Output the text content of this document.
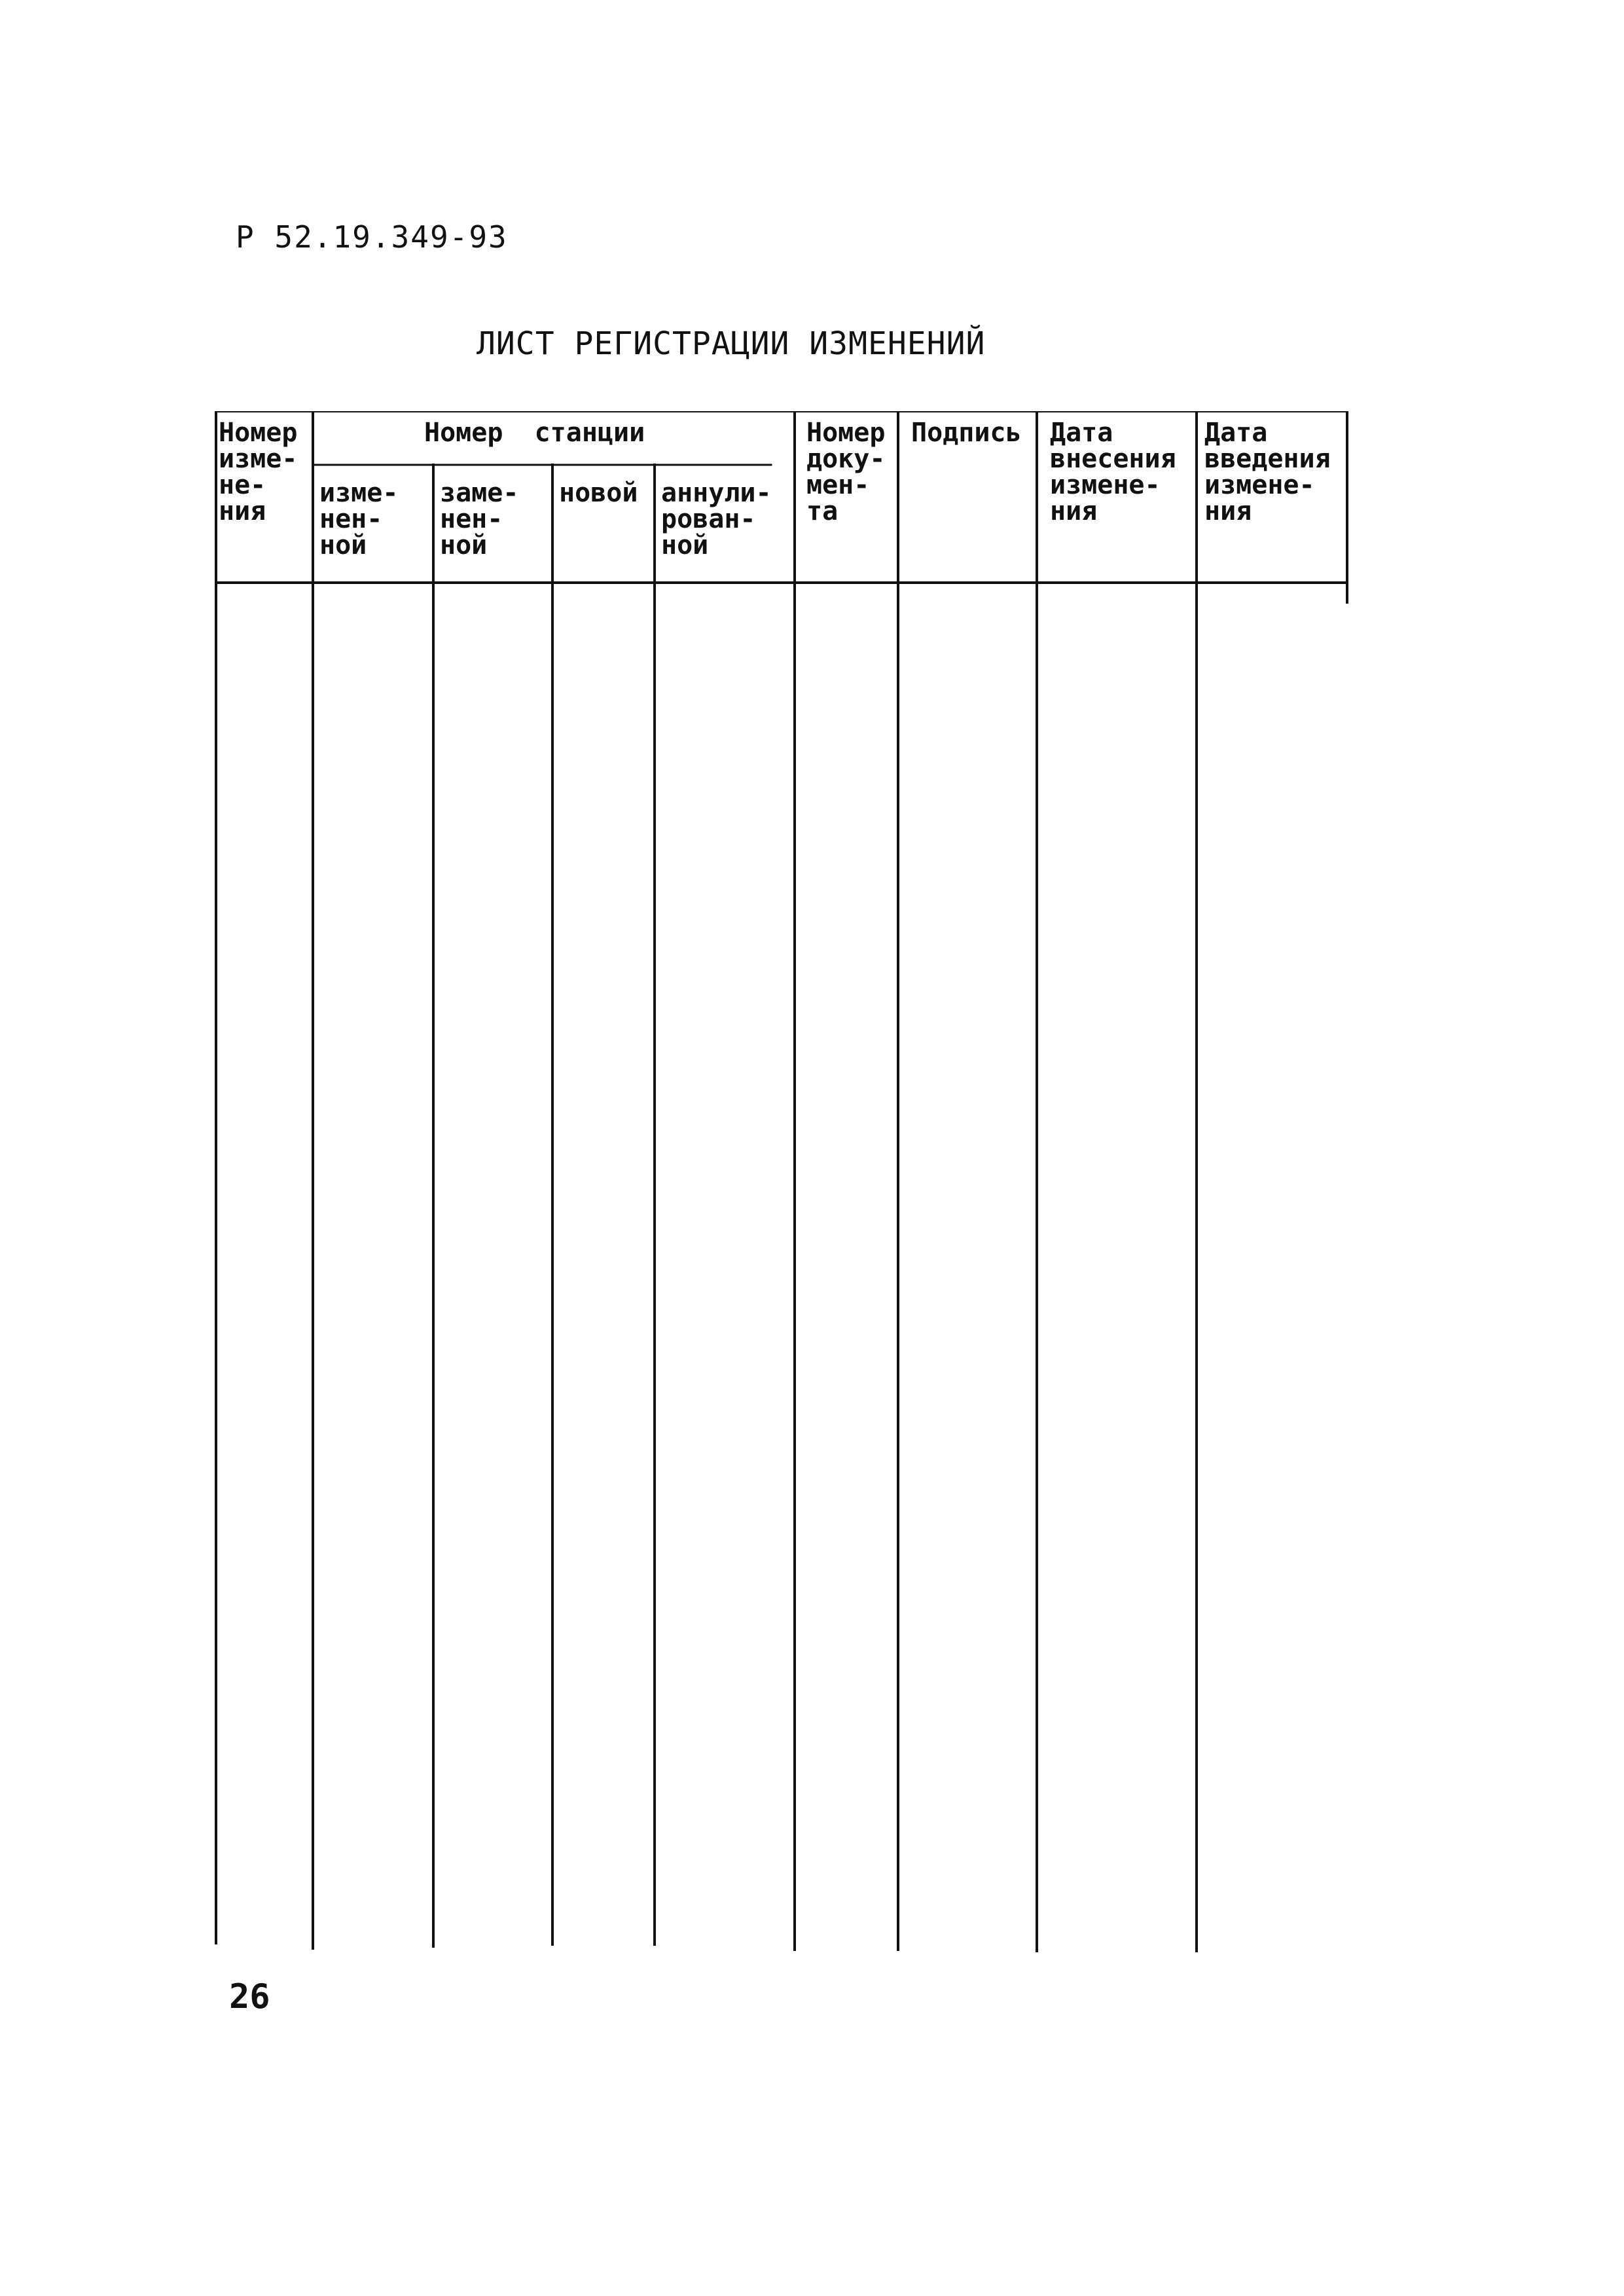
Р 52.19.349-93
ЛИСТ РЕГИСТРАЦИИ ИЗМЕНЕНИЙ
Номер
изме-
не-
ния
Номер  станции
изме-
нен-
ной
заме-
нен-
ной
новой аннули-
рован-
ной
Номер
доку-
мен-
та
Подпись Дата
внесения
измене-
ния
Дата
введения
измене-
ния
26
